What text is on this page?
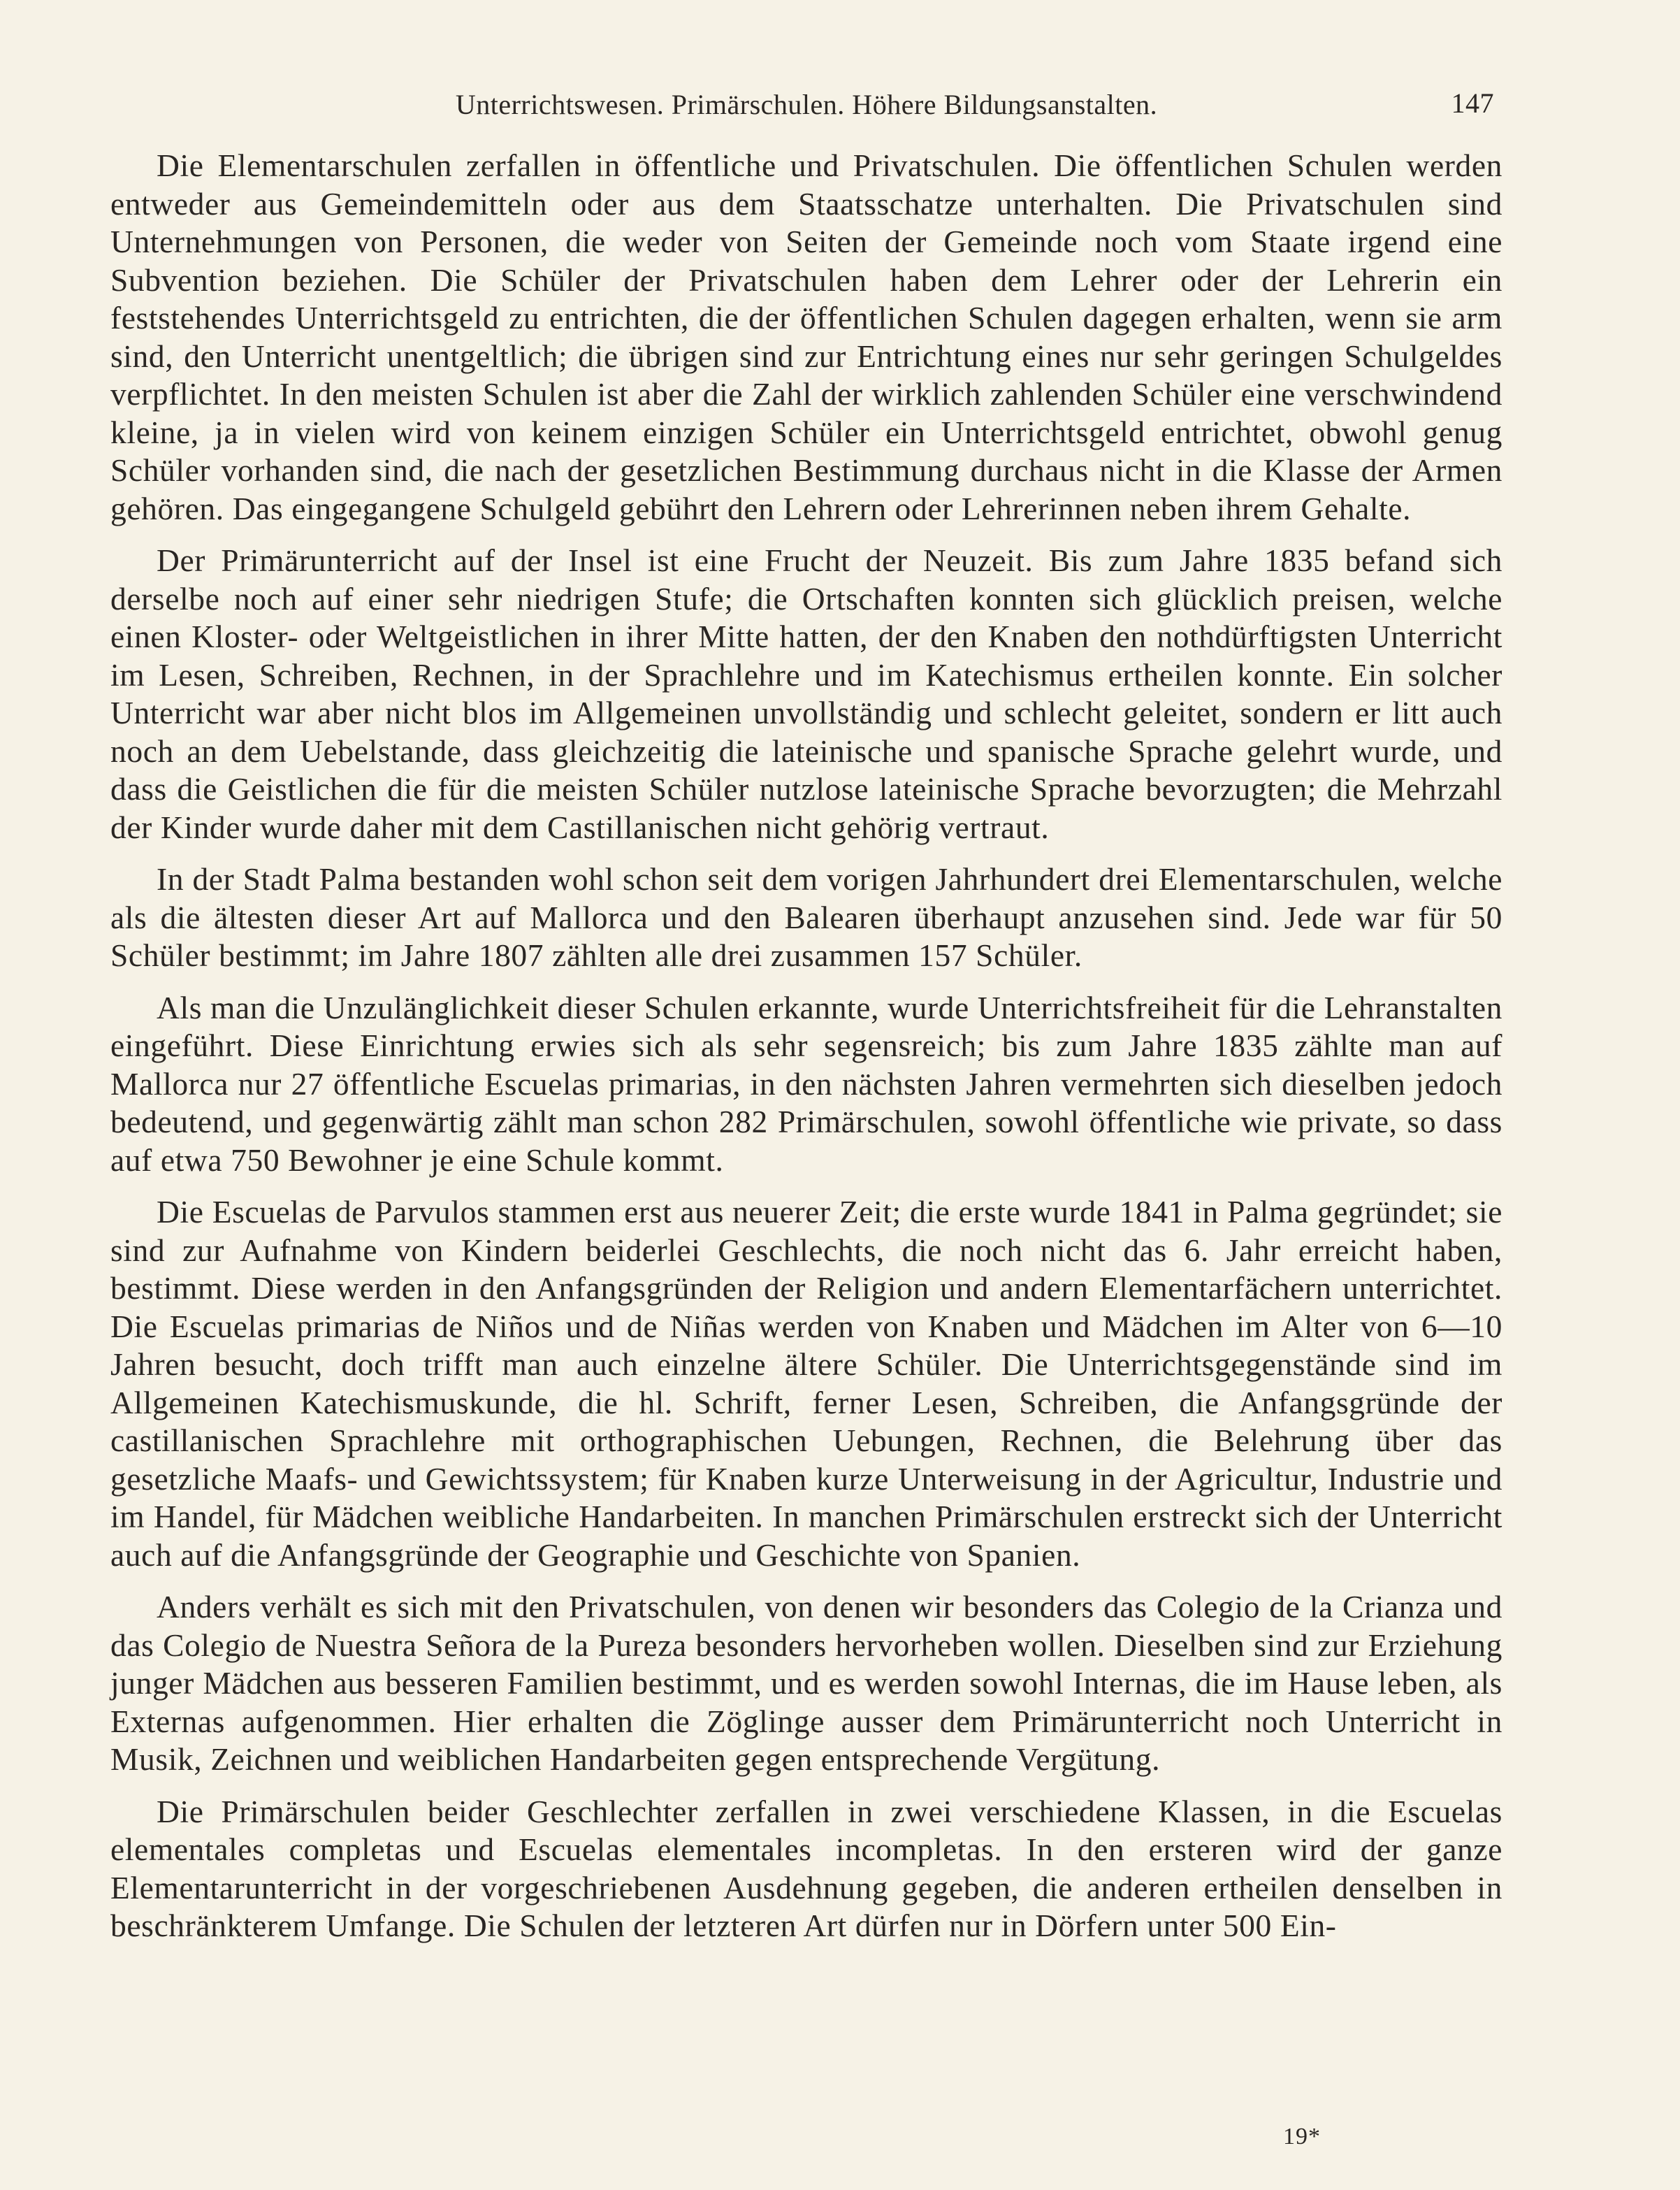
Unterrichtswesen. Primärschulen. Höhere Bildungsanstalten.	147

Die Elementarschulen zerfallen in öffentliche und Privatschulen. Die öffentlichen Schulen werden entweder aus Gemeindemitteln oder aus dem Staatsschatze unterhalten. Die Privatschulen sind Unternehmungen von Personen, die weder von Seiten der Gemeinde noch vom Staate irgend eine Subvention beziehen. Die Schüler der Privatschulen haben dem Lehrer oder der Lehrerin ein feststehendes Unterrichtsgeld zu entrichten, die der öffentlichen Schulen dagegen erhalten, wenn sie arm sind, den Unterricht unentgeltlich; die übrigen sind zur Entrichtung eines nur sehr geringen Schulgeldes verpflichtet. In den meisten Schulen ist aber die Zahl der wirklich zahlenden Schüler eine verschwindend kleine, ja in vielen wird von keinem einzigen Schüler ein Unterrichtsgeld entrichtet, obwohl genug Schüler vorhanden sind, die nach der gesetzlichen Bestimmung durchaus nicht in die Klasse der Armen gehören. Das eingegangene Schulgeld gebührt den Lehrern oder Lehrerinnen neben ihrem Gehalte.

Der Primärunterricht auf der Insel ist eine Frucht der Neuzeit. Bis zum Jahre 1835 befand sich derselbe noch auf einer sehr niedrigen Stufe; die Ortschaften konnten sich glücklich preisen, welche einen Kloster- oder Weltgeistlichen in ihrer Mitte hatten, der den Knaben den nothdürftigsten Unterricht im Lesen, Schreiben, Rechnen, in der Sprachlehre und im Katechismus ertheilen konnte. Ein solcher Unterricht war aber nicht blos im Allgemeinen unvollständig und schlecht geleitet, sondern er litt auch noch an dem Uebelstande, dass gleichzeitig die lateinische und spanische Sprache gelehrt wurde, und dass die Geistlichen die für die meisten Schüler nutzlose lateinische Sprache bevorzugten; die Mehrzahl der Kinder wurde daher mit dem Castillanischen nicht gehörig vertraut.

In der Stadt Palma bestanden wohl schon seit dem vorigen Jahrhundert drei Elementarschulen, welche als die ältesten dieser Art auf Mallorca und den Balearen überhaupt anzusehen sind. Jede war für 50 Schüler bestimmt; im Jahre 1807 zählten alle drei zusammen 157 Schüler.

Als man die Unzulänglichkeit dieser Schulen erkannte, wurde Unterrichtsfreiheit für die Lehranstalten eingeführt. Diese Einrichtung erwies sich als sehr segensreich; bis zum Jahre 1835 zählte man auf Mallorca nur 27 öffentliche Escuelas primarias, in den nächsten Jahren vermehrten sich dieselben jedoch bedeutend, und gegenwärtig zählt man schon 282 Primärschulen, sowohl öffentliche wie private, so dass auf etwa 750 Bewohner je eine Schule kommt.

Die Escuelas de Parvulos stammen erst aus neuerer Zeit; die erste wurde 1841 in Palma gegründet; sie sind zur Aufnahme von Kindern beiderlei Geschlechts, die noch nicht das 6. Jahr erreicht haben, bestimmt. Diese werden in den Anfangsgründen der Religion und andern Elementarfächern unterrichtet. Die Escuelas primarias de Niños und de Niñas werden von Knaben und Mädchen im Alter von 6—10 Jahren besucht, doch trifft man auch einzelne ältere Schüler. Die Unterrichtsgegenstände sind im Allgemeinen Katechismuskunde, die hl. Schrift, ferner Lesen, Schreiben, die Anfangsgründe der castillanischen Sprachlehre mit orthographischen Uebungen, Rechnen, die Belehrung über das gesetzliche Maafs- und Gewichtssystem; für Knaben kurze Unterweisung in der Agricultur, Industrie und im Handel, für Mädchen weibliche Handarbeiten. In manchen Primärschulen erstreckt sich der Unterricht auch auf die Anfangsgründe der Geographie und Geschichte von Spanien.

Anders verhält es sich mit den Privatschulen, von denen wir besonders das Colegio de la Crianza und das Colegio de Nuestra Señora de la Pureza besonders hervorheben wollen. Dieselben sind zur Erziehung junger Mädchen aus besseren Familien bestimmt, und es werden sowohl Internas, die im Hause leben, als Externas aufgenommen. Hier erhalten die Zöglinge ausser dem Primärunterricht noch Unterricht in Musik, Zeichnen und weiblichen Handarbeiten gegen entsprechende Vergütung.

Die Primärschulen beider Geschlechter zerfallen in zwei verschiedene Klassen, in die Escuelas elementales completas und Escuelas elementales incompletas. In den ersteren wird der ganze Elementarunterricht in der vorgeschriebenen Ausdehnung gegeben, die anderen ertheilen denselben in beschränkterem Umfange. Die Schulen der letzteren Art dürfen nur in Dörfern unter 500 Ein-

19*
